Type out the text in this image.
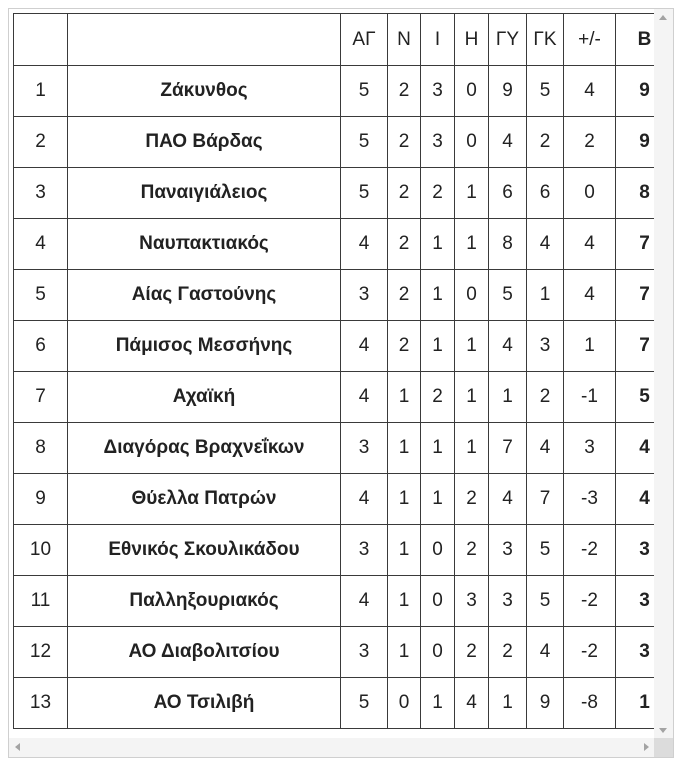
		ΑΓ	Ν	Ι	Η	ΓΥ	ΓΚ	+/-	Β
1	Ζάκυνθος	5	2	3	0	9	5	4	9
2	ΠΑΟ Βάρδας	5	2	3	0	4	2	2	9
3	Παναιγιάλειος	5	2	2	1	6	6	0	8
4	Ναυπακτιακός	4	2	1	1	8	4	4	7
5	Αίας Γαστούνης	3	2	1	0	5	1	4	7
6	Πάμισος Μεσσήνης	4	2	1	1	4	3	1	7
7	Αχαϊκή	4	1	2	1	1	2	-1	5
8	Διαγόρας Βραχνεΐκων	3	1	1	1	7	4	3	4
9	Θύελλα Πατρών	4	1	1	2	4	7	-3	4
10	Εθνικός Σκουλικάδου	3	1	0	2	3	5	-2	3
11	Παλληξουριακός	4	1	0	3	3	5	-2	3
12	ΑΟ Διαβολιτσίου	3	1	0	2	2	4	-2	3
13	ΑΟ Τσιλιβή	5	0	1	4	1	9	-8	1
